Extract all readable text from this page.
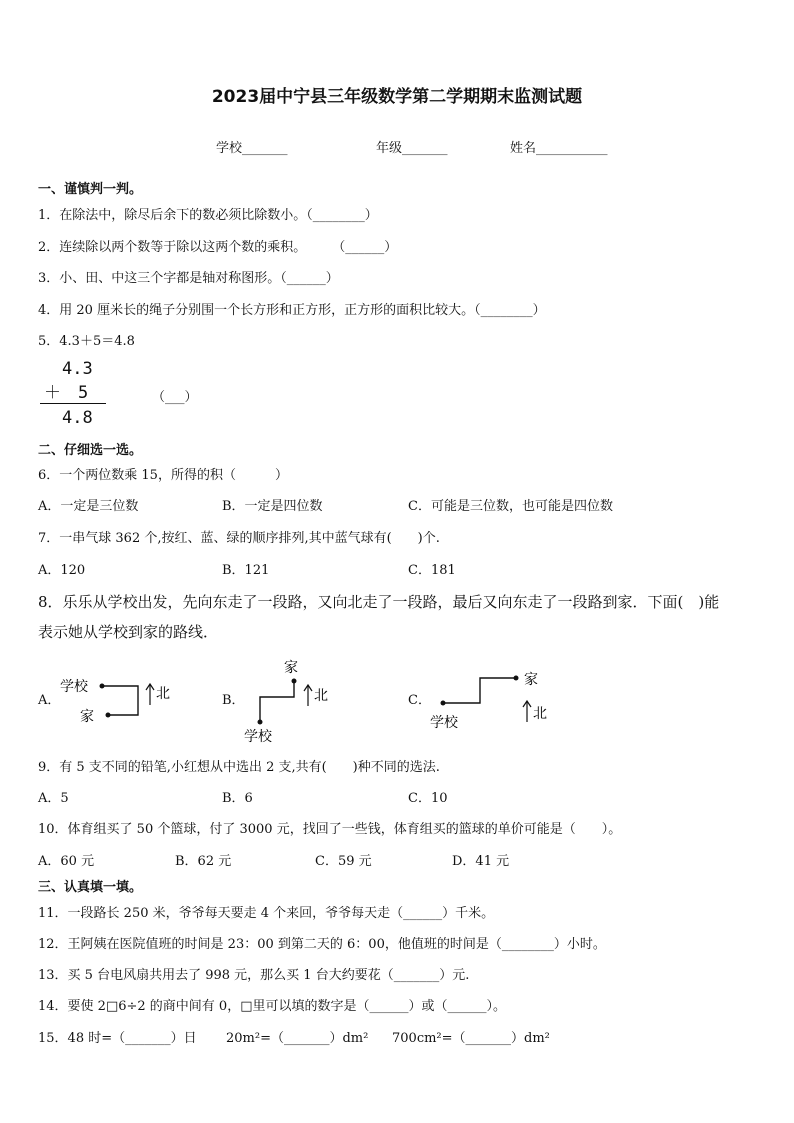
2023届中宁县三年级数学第二学期期末监测试题
学校_______	年级_______	姓名___________
一、谨慎判一判。
1．在除法中，除尽后余下的数必须比除数小。（________）
2．连续除以两个数等于除以这两个数的乘积。　　　（______）
3．小、田、中这三个字都是轴对称图形。（______）
4．用 20 厘米长的绳子分别围一个长方形和正方形，正方形的面积比较大。（________）
5．4.3＋5＝4.8
4.3
＋　5
4.8
（___）
二、仔细选一选。
6．一个两位数乘 15，所得的积（　　　）
A．一定是三位数	B．一定是四位数	C．可能是三位数，也可能是四位数
7．一串气球 362 个,按红、蓝、绿的顺序排列,其中蓝气球有(　　)个.
A．120	B．121	C．181
8．乐乐从学校出发，先向东走了一段路，又向北走了一段路，最后又向东走了一段路到家．下面(　)能
表示她从学校到家的路线．
A．	B．	C．
学校
家
北
家
学校
北
家
学校
北
9．有 5 支不同的铅笔,小红想从中选出 2 支,共有(　　)种不同的选法.
A．5	B．6	C．10
10．体育组买了 50 个篮球，付了 3000 元，找回了一些钱，体育组买的篮球的单价可能是（　　）。
A．60 元	B．62 元	C．59 元	D．41 元
三、认真填一填。
11．一段路长 250 米，爷爷每天要走 4 个来回，爷爷每天走（______）千米。
12．王阿姨在医院值班的时间是 23：00 到第二天的 6：00，他值班的时间是（________）小时。
13．买 5 台电风扇共用去了 998 元，那么买 1 台大约要花（_______）元.
14．要使 2□6÷2 的商中间有 0，□里可以填的数字是（______）或（______）。
15．48 时=（_______）日 20m²=（_______）dm² 700cm²=（_______）dm²
